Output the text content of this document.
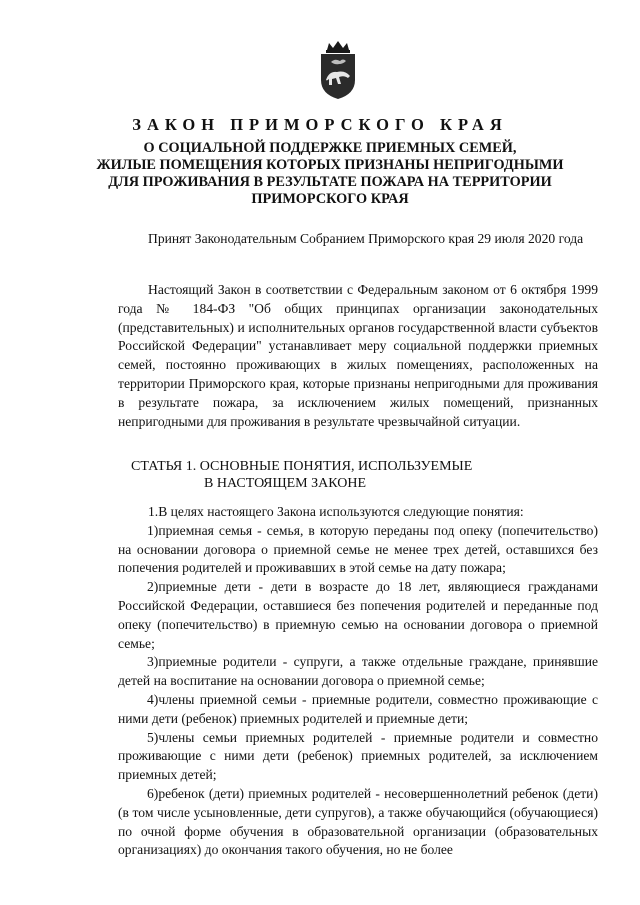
ЗАКОН ПРИМОРСКОГО КРАЯ
О СОЦИАЛЬНОЙ ПОДДЕРЖКЕ ПРИЕМНЫХ СЕМЕЙ,
ЖИЛЫЕ ПОМЕЩЕНИЯ КОТОРЫХ ПРИЗНАНЫ НЕПРИГОДНЫМИ
ДЛЯ ПРОЖИВАНИЯ В РЕЗУЛЬТАТЕ ПОЖАРА НА ТЕРРИТОРИИ
ПРИМОРСКОГО КРАЯ

Принят Законодательным Собранием Приморского края 29 июля 2020 года

Настоящий Закон в соответствии с Федеральным законом от 6 октября 1999 года № 184-ФЗ "Об общих принципах организации законодательных (представительных) и исполнительных органов государственной власти субъектов Российской Федерации" устанавливает меру социальной поддержки приемных семей, постоянно проживающих в жилых помещениях, расположенных на территории Приморского края, которые признаны непригодными для проживания в результате пожара, за исключением жилых помещений, признанных непригодными для проживания в результате чрезвычайной ситуации.

СТАТЬЯ 1. ОСНОВНЫЕ ПОНЯТИЯ, ИСПОЛЬЗУЕМЫЕ
В НАСТОЯЩЕМ ЗАКОНЕ

1.В целях настоящего Закона используются следующие понятия:

1)приемная семья - семья, в которую переданы под опеку (попечительство) на основании договора о приемной семье не менее трех детей, оставшихся без попечения родителей и проживавших в этой семье на дату пожара;

2)приемные дети - дети в возрасте до 18 лет, являющиеся гражданами Российской Федерации, оставшиеся без попечения родителей и переданные под опеку (попечительство) в приемную семью на основании договора о приемной семье;

3)приемные родители - супруги, а также отдельные граждане, принявшие детей на воспитание на основании договора о приемной семье;

4)члены приемной семьи - приемные родители, совместно проживающие с ними дети (ребенок) приемных родителей и приемные дети;

5)члены семьи приемных родителей - приемные родители и совместно проживающие с ними дети (ребенок) приемных родителей, за исключением приемных детей;

6)ребенок (дети) приемных родителей - несовершеннолетний ребенок (дети) (в том числе усыновленные, дети супругов), а также обучающийся (обучающиеся) по очной форме обучения в образовательной организации (образовательных организациях) до окончания такого обучения, но не более
